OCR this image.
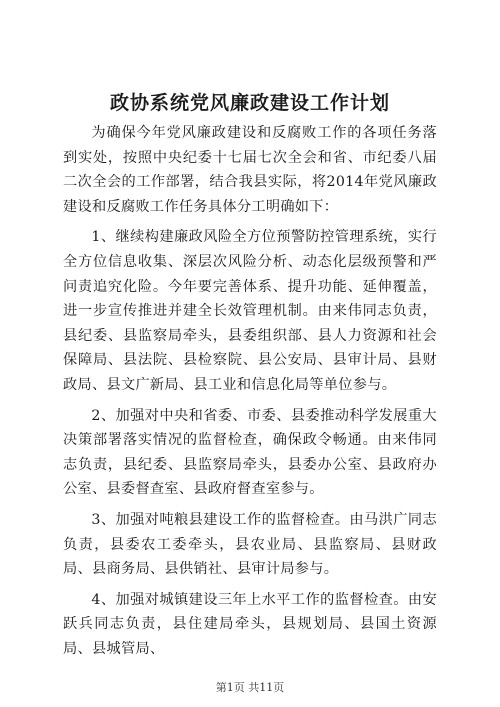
政协系统党风廉政建设工作计划

为确保今年党风廉政建设和反腐败工作的各项任务落到实处，按照中央纪委十七届七次全会和省、市纪委八届二次全会的工作部署，结合我县实际，将2014年党风廉政建设和反腐败工作任务具体分工明确如下：

1、继续构建廉政风险全方位预警防控管理系统，实行全方位信息收集、深层次风险分析、动态化层级预警和严问责追究化险。今年要完善体系、提升功能、延伸覆盖，进一步宣传推进并建全长效管理机制。由来伟同志负责，县纪委、县监察局牵头，县委组织部、县人力资源和社会保障局、县法院、县检察院、县公安局、县审计局、县财政局、县文广新局、县工业和信息化局等单位参与。

2、加强对中央和省委、市委、县委推动科学发展重大决策部署落实情况的监督检查，确保政令畅通。由来伟同志负责，县纪委、县监察局牵头，县委办公室、县政府办公室、县委督查室、县政府督查室参与。

3、加强对吨粮县建设工作的监督检查。由马洪广同志负责，县委农工委牵头，县农业局、县监察局、县财政局、县商务局、县供销社、县审计局参与。

4、加强对城镇建设三年上水平工作的监督检查。由安跃兵同志负责，县住建局牵头，县规划局、县国土资源局、县城管局、

第1页 共11页
